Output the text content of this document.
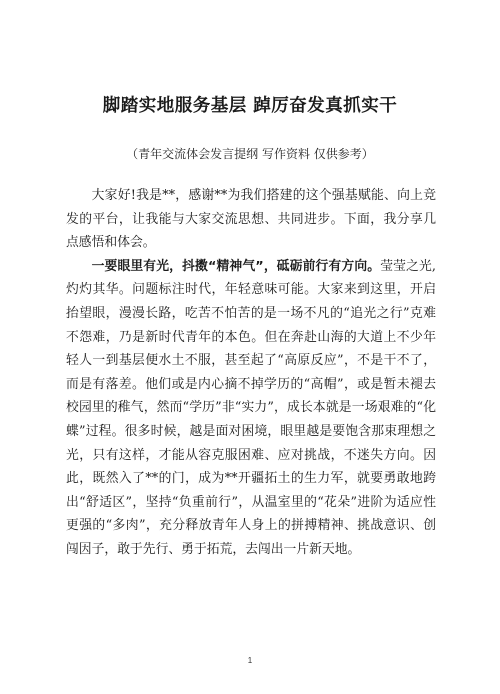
脚踏实地服务基层 踔厉奋发真抓实干

（青年交流体会发言提纲 写作资料 仅供参考）

大家好!我是**，感谢**为我们搭建的这个强基赋能、向上竞发的平台，让我能与大家交流思想、共同进步。下面，我分享几点感悟和体会。

一要眼里有光，抖擞“精神气”，砥砺前行有方向。莹莹之光,灼灼其华。问题标注时代，年轻意味可能。大家来到这里，开启抬望眼，漫漫长路，吃苦不怕苦的是一场不凡的“追光之行”克难不怨难，乃是新时代青年的本色。但在奔赴山海的大道上不少年轻人一到基层便水土不服，甚至起了“高原反应”，不是干不了，而是有落差。他们或是内心摘不掉学历的“高帽”，或是暂未褪去校园里的稚气，然而“学历”非“实力”，成长本就是一场艰难的“化蝶”过程。很多时候，越是面对困境，眼里越是要饱含那束理想之光，只有这样，才能从容克服困难、应对挑战，不迷失方向。因此，既然入了**的门，成为**开疆拓土的生力军，就要勇敢地跨出“舒适区”，坚持“负重前行”，从温室里的“花朵”进阶为适应性更强的“多肉”，充分释放青年人身上的拼搏精神、挑战意识、创闯因子，敢于先行、勇于拓荒，去闯出一片新天地。

1
